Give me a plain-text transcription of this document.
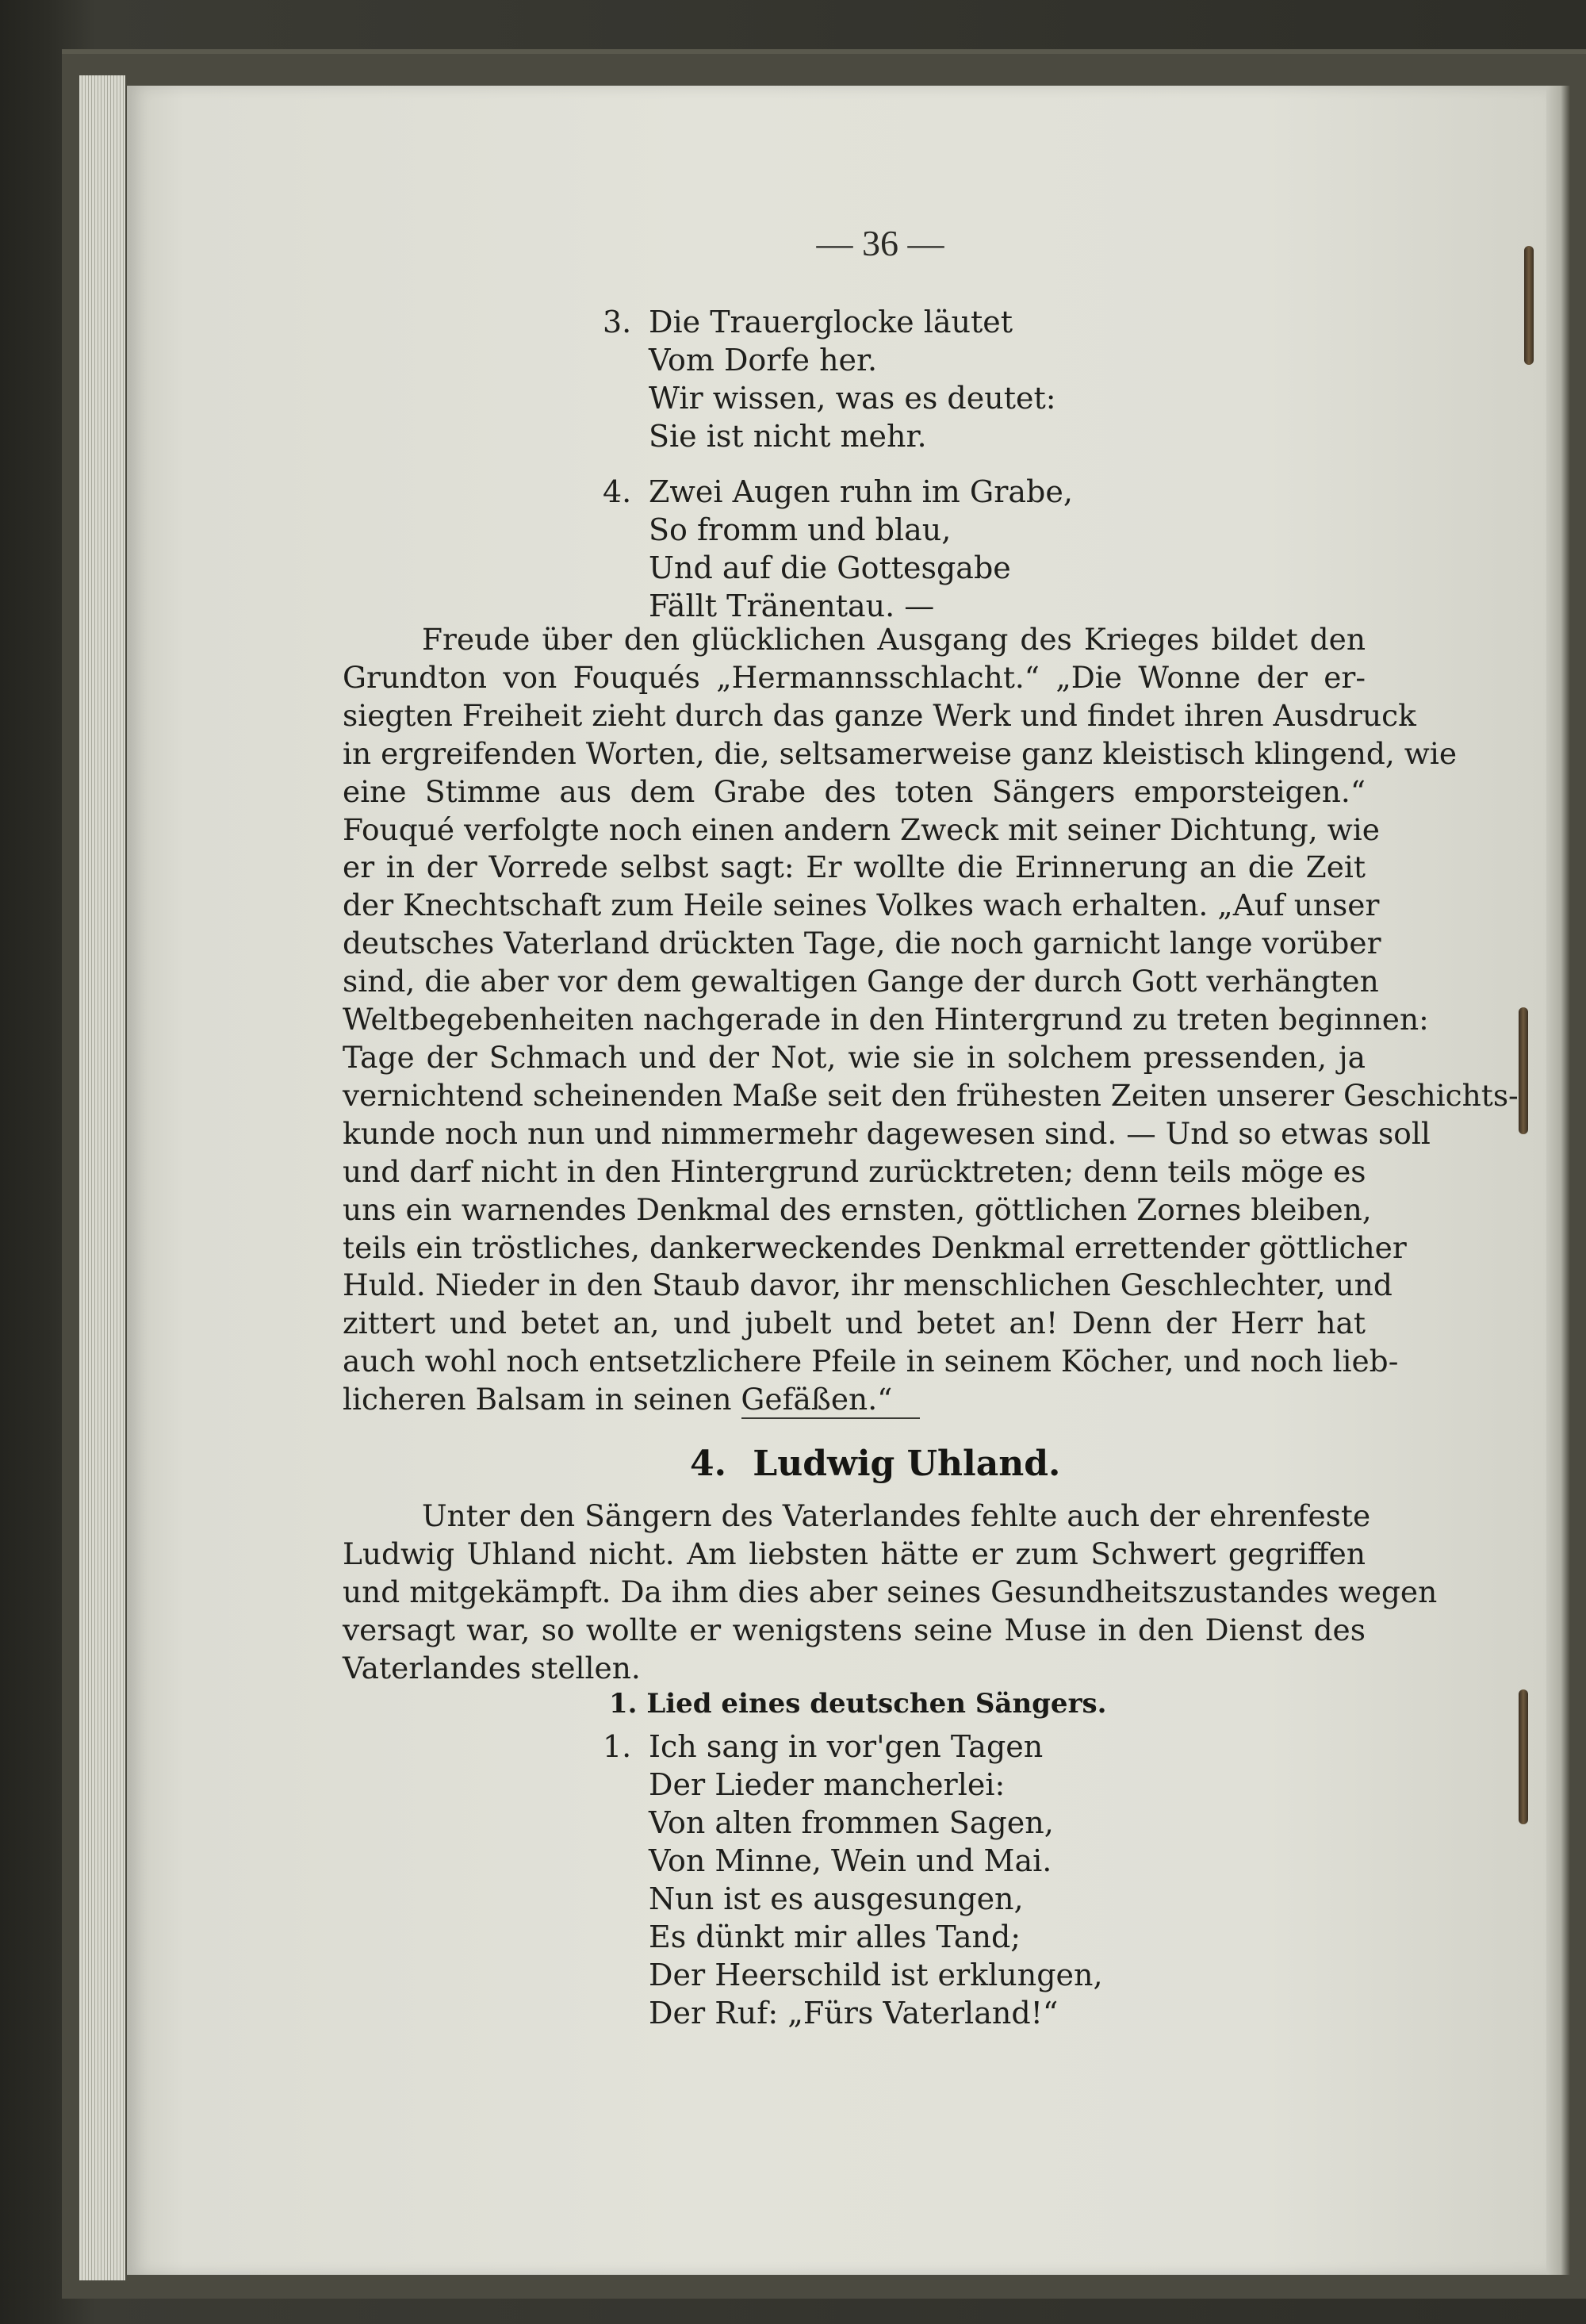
— 36 —
3. Die Trauerglocke läutet
Vom Dorfe her.
Wir wissen, was es deutet:
Sie ist nicht mehr.
4. Zwei Augen ruhn im Grabe,
So fromm und blau,
Und auf die Gottesgabe
Fällt Tränentau. —
Freude über den glücklichen Ausgang des Krieges bildet den
Grundton von Fouqués „Hermannsschlacht.“ „Die Wonne der er-
siegten Freiheit zieht durch das ganze Werk und findet ihren Ausdruck
in ergreifenden Worten, die, seltsamerweise ganz kleistisch klingend, wie
eine Stimme aus dem Grabe des toten Sängers emporsteigen.“
Fouqué verfolgte noch einen andern Zweck mit seiner Dichtung, wie
er in der Vorrede selbst sagt: Er wollte die Erinnerung an die Zeit
der Knechtschaft zum Heile seines Volkes wach erhalten. „Auf unser
deutsches Vaterland drückten Tage, die noch garnicht lange vorüber
sind, die aber vor dem gewaltigen Gange der durch Gott verhängten
Weltbegebenheiten nachgerade in den Hintergrund zu treten beginnen:
Tage der Schmach und der Not, wie sie in solchem pressenden, ja
vernichtend scheinenden Maße seit den frühesten Zeiten unserer Geschichts-
kunde noch nun und nimmermehr dagewesen sind. — Und so etwas soll
und darf nicht in den Hintergrund zurücktreten; denn teils möge es
uns ein warnendes Denkmal des ernsten, göttlichen Zornes bleiben,
teils ein tröstliches, dankerweckendes Denkmal errettender göttlicher
Huld. Nieder in den Staub davor, ihr menschlichen Geschlechter, und
zittert und betet an, und jubelt und betet an! Denn der Herr hat
auch wohl noch entsetzlichere Pfeile in seinem Köcher, und noch lieb-
licheren Balsam in seinen Gefäßen.“
4. Ludwig Uhland.
Unter den Sängern des Vaterlandes fehlte auch der ehrenfeste
Ludwig Uhland nicht. Am liebsten hätte er zum Schwert gegriffen
und mitgekämpft. Da ihm dies aber seines Gesundheitszustandes wegen
versagt war, so wollte er wenigstens seine Muse in den Dienst des
Vaterlandes stellen.
1. Lied eines deutschen Sängers.
1. Ich sang in vor'gen Tagen
Der Lieder mancherlei:
Von alten frommen Sagen,
Von Minne, Wein und Mai.
Nun ist es ausgesungen,
Es dünkt mir alles Tand;
Der Heerschild ist erklungen,
Der Ruf: „Fürs Vaterland!“
